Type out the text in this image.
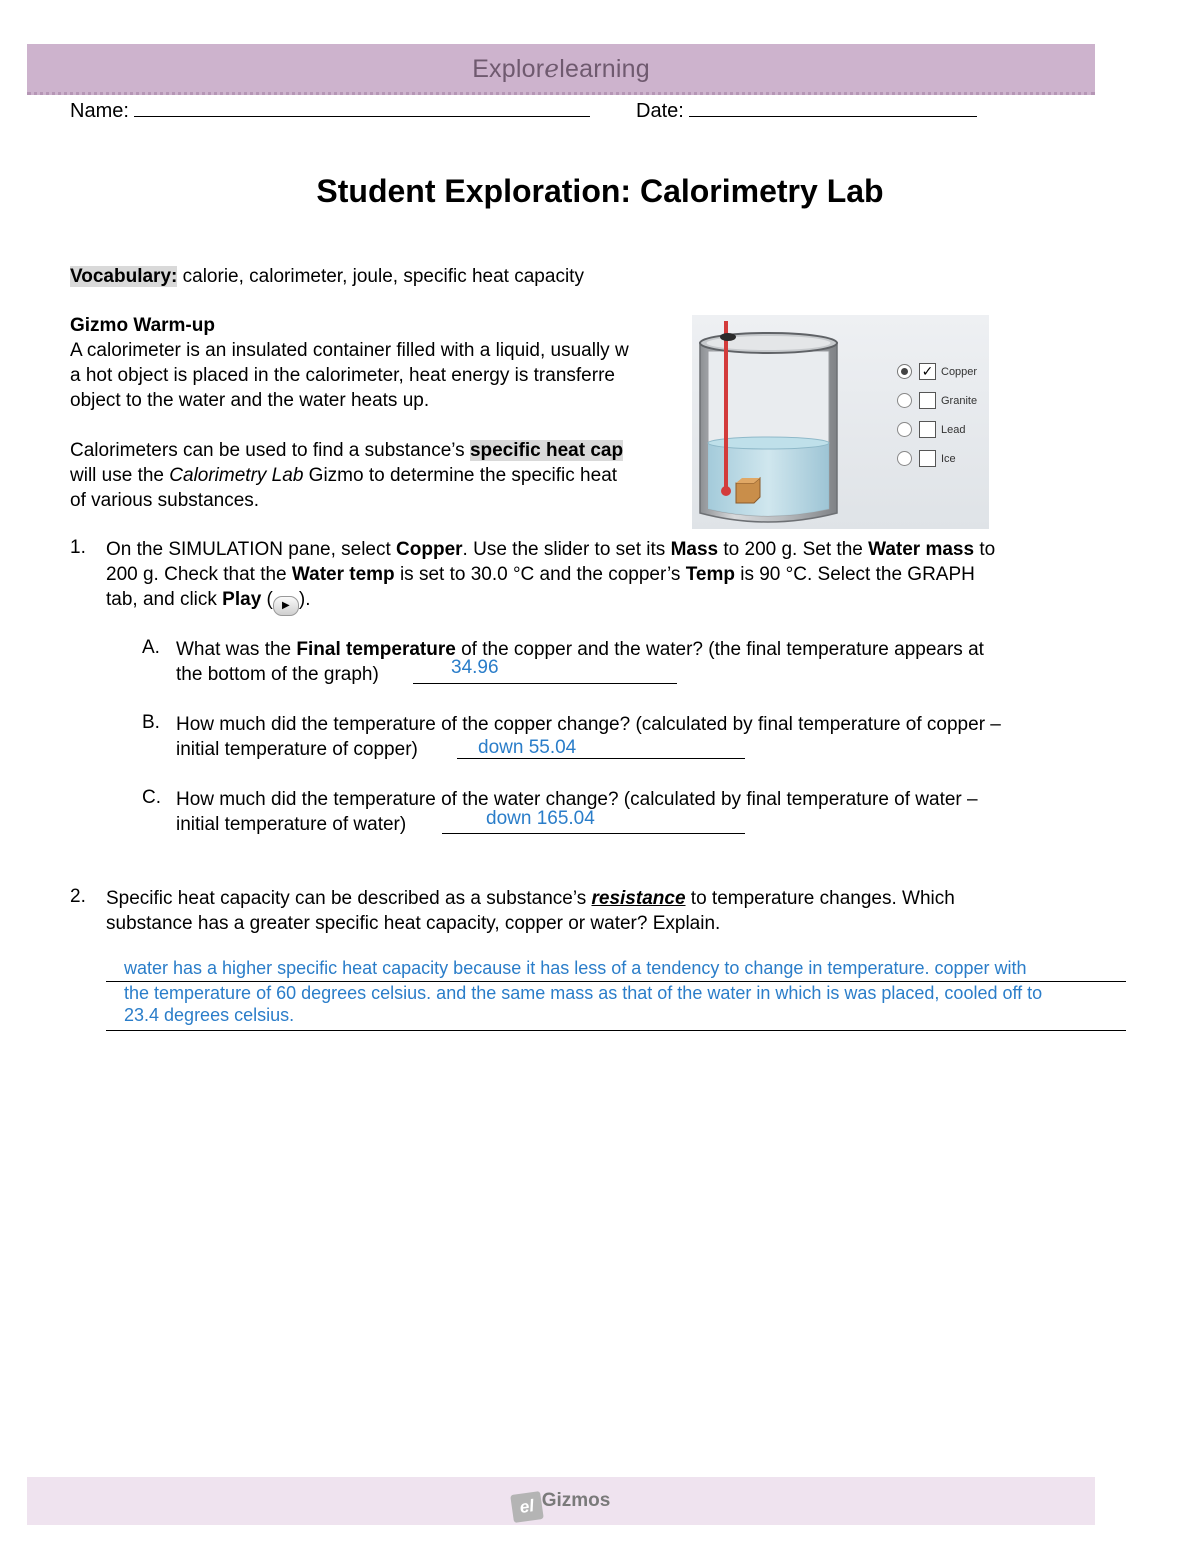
Explorelearning
Name:	Date:
Student Exploration: Calorimetry Lab
Vocabulary: calorie, calorimeter, joule, specific heat capacity
Gizmo Warm-up
A calorimeter is an insulated container filled with a liquid, usually w
a hot object is placed in the calorimeter, heat energy is transferre
object to the water and the water heats up.
Calorimeters can be used to find a substance’s specific heat cap
will use the Calorimetry Lab Gizmo to determine the specific heat
of various substances.
✓ Copper
Granite
Lead
Ice
1. On the SIMULATION pane, select Copper. Use the slider to set its Mass to 200 g. Set the Water mass to
200 g. Check that the Water temp is set to 30.0 °C and the copper’s Temp is 90 °C. Select the GRAPH
tab, and click Play ( ▶ ).
A. What was the Final temperature of the copper and the water? (the final temperature appears at
the bottom of the graph)	34.96
B. How much did the temperature of the copper change? (calculated by final temperature of copper –
initial temperature of copper)	down 55.04
C. How much did the temperature of the water change? (calculated by final temperature of water –
initial temperature of water)	down 165.04
2. Specific heat capacity can be described as a substance’s resistance to temperature changes. Which
substance has a greater specific heat capacity, copper or water? Explain.
water has a higher specific heat capacity because it has less of a tendency to change in temperature. copper with
the temperature of 60 degrees celsius. and the same mass as that of the water in which is was placed, cooled off to
23.4 degrees celsius.
el Gizmos
